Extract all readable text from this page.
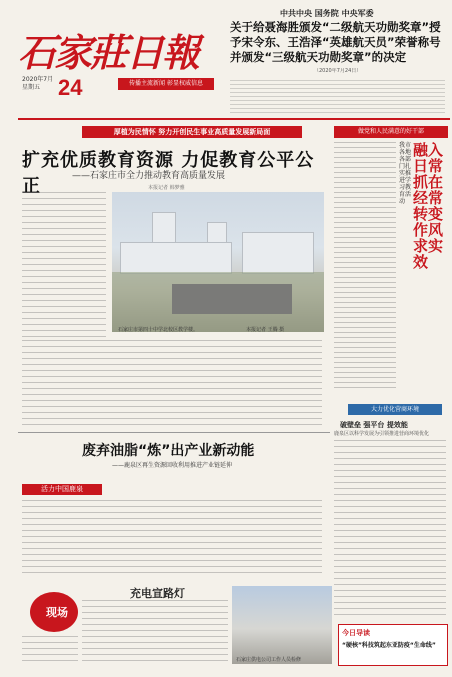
石家莊日報
2020年7月
星期五 24	传播主流新闻 彰显权威信息
中共中央 国务院 中央军委
关于给聂海胜颁发“二级航天功勋奖章”授予宋令东、王浩泽“英雄航天员”荣誉称号并颁发“三级航天功勋奖章”的决定
（2020年7月24日）
厚植为民情怀 努力开创民生事业高质量发展新局面
扩充优质教育资源 力促教育公平公正	——石家庄市全力推动教育高质量发展
本报记者 韩梦雅
石家庄市第四十中学北校区教学楼。	本报记者 王腾 摄
做党和人民满意的好干部
融入日常 抓在经常 转变作风求实效
我市各地各部门扎实推进学习教育活动
废弃油脂“炼”出产业新动能
——鹿泉区再生资源回收利用推进产业链延伸
活力中国鹿泉
大力优化营商环境
破壁垒 强平台 提效能
鹿泉区以科学发展为引领推进营商环境优化
现场
充电宣路灯
石家庄供电公司工作人员检修
今日导读
“硬核”科技筑起东亚防疫“生命线”
